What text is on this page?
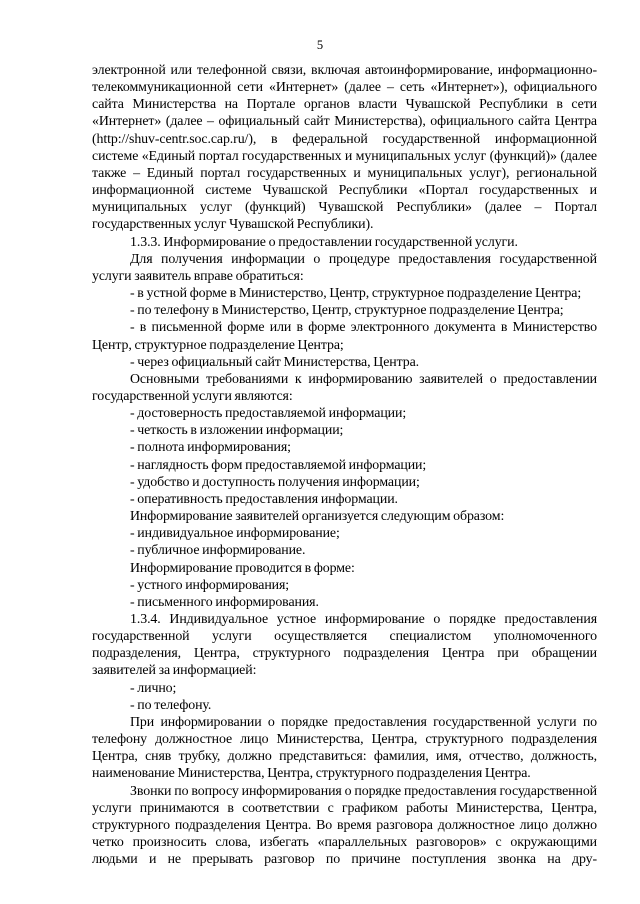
5

электронной или телефонной связи, включая автоинформирование, информационно-телекоммуникационной сети «Интернет» (далее – сеть «Интернет»), официального сайта Министерства на Портале органов власти Чувашской Республики в сети «Интернет» (далее – официальный сайт Министерства), официального сайта Центра (http://shuv-centr.soc.cap.ru/), в федеральной государственной информационной системе «Единый портал государственных и муниципальных услуг (функций)» (далее также – Единый портал государственных и муниципальных услуг), региональной информационной системе Чувашской Республики «Портал государственных и муниципальных услуг (функций) Чувашской Республики» (далее – Портал государственных услуг Чувашской Республики).

1.3.3. Информирование о предоставлении государственной услуги.

Для получения информации о процедуре предоставления государственной услуги заявитель вправе обратиться:

- в устной форме в Министерство, Центр, структурное подразделение Центра;

- по телефону в Министерство, Центр, структурное подразделение Центра;

- в письменной форме или в форме электронного документа в Министерство Центр, структурное подразделение Центра;

- через официальный сайт Министерства, Центра.

Основными требованиями к информированию заявителей о предоставлении государственной услуги являются:

- достоверность предоставляемой информации;

- четкость в изложении информации;

- полнота информирования;

- наглядность форм предоставляемой информации;

- удобство и доступность получения информации;

- оперативность предоставления информации.

Информирование заявителей организуется следующим образом:

- индивидуальное информирование;

- публичное информирование.

Информирование проводится в форме:

- устного информирования;

- письменного информирования.

1.3.4. Индивидуальное устное информирование о порядке предоставления государственной услуги осуществляется специалистом уполномоченного подразделения, Центра, структурного подразделения Центра при обращении заявителей за информацией:

- лично;

- по телефону.

При информировании о порядке предоставления государственной услуги по телефону должностное лицо Министерства, Центра, структурного подразделения Центра, сняв трубку, должно представиться: фамилия, имя, отчество, должность, наименование Министерства, Центра, структурного подразделения Центра.

Звонки по вопросу информирования о порядке предоставления государственной услуги принимаются в соответствии с графиком работы Министерства, Центра, структурного подразделения Центра. Во время разговора должностное лицо должно четко произносить слова, избегать «параллельных разговоров» с окружающими людьми и не прерывать разговор по причине поступления звонка на дру-
